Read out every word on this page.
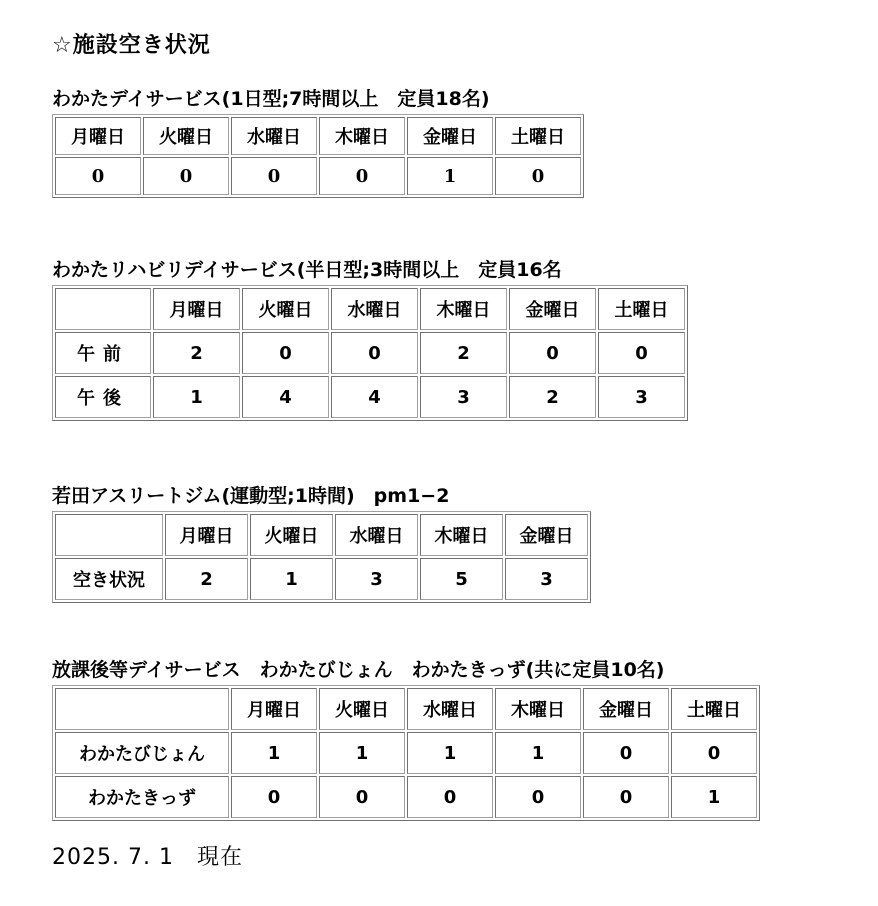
☆施設空き状況
わかたデイサービス(1日型;7時間以上　定員18名)
月曜日	火曜日	水曜日	木曜日	金曜日	土曜日
0	0	0	0	1	0
わかたリハビリデイサービス(半日型;3時間以上　定員16名
	月曜日	火曜日	水曜日	木曜日	金曜日	土曜日
午前	2	0	0	2	0	0
午後	1	4	4	3	2	3
若田アスリートジム(運動型;1時間)　pm1−2
	月曜日	火曜日	水曜日	木曜日	金曜日
空き状況	2	1	3	5	3
放課後等デイサービス　わかたびじょん　わかたきっず(共に定員10名)
	月曜日	火曜日	水曜日	木曜日	金曜日	土曜日
わかたびじょん	1	1	1	1	0	0
わかたきっず	0	0	0	0	0	1
2025. 7. 1　現在
